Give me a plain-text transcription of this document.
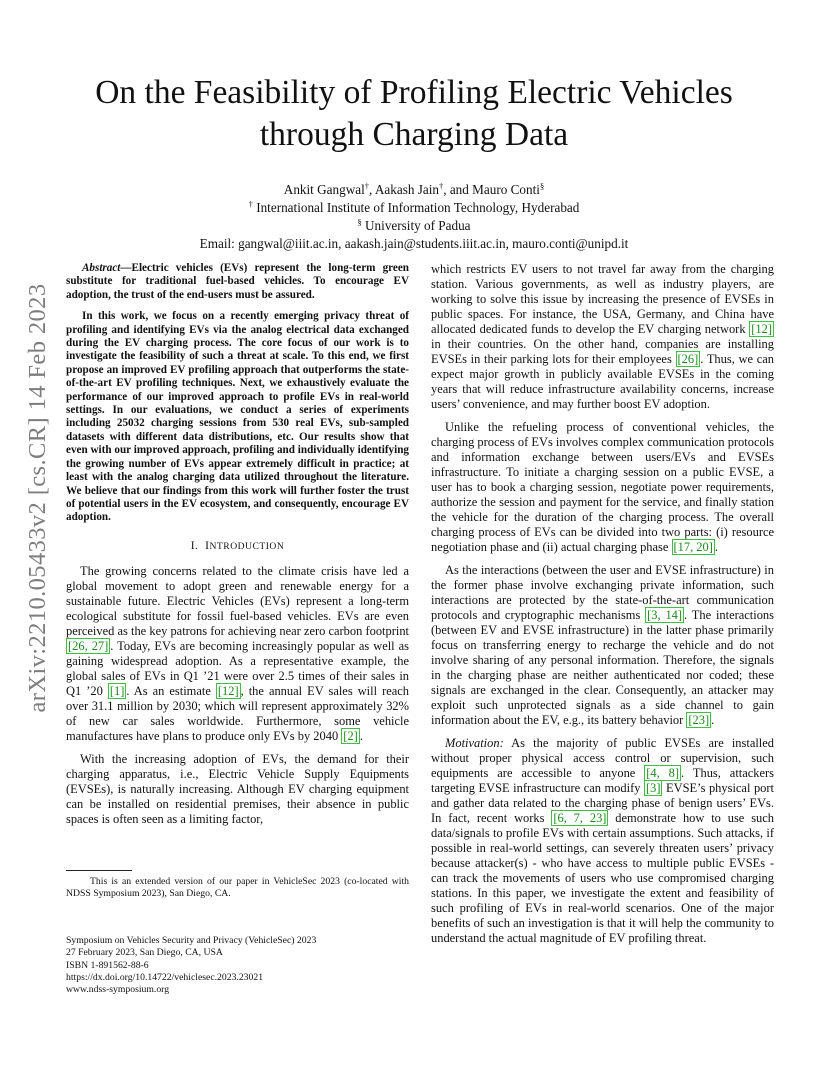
arXiv:2210.05433v2 [cs.CR] 14 Feb 2023
On the Feasibility of Profiling Electric Vehicles
through Charging Data
Ankit Gangwal†, Aakash Jain†, and Mauro Conti§
† International Institute of Information Technology, Hyderabad
§ University of Padua
Email: gangwal@iiit.ac.in, aakash.jain@students.iiit.ac.in, mauro.conti@unipd.it

Abstract—Electric vehicles (EVs) represent the long-term green substitute for traditional fuel-based vehicles. To encourage EV adoption, the trust of the end-users must be assured.

In this work, we focus on a recently emerging privacy threat of profiling and identifying EVs via the analog electrical data exchanged during the EV charging process. The core focus of our work is to investigate the feasibility of such a threat at scale. To this end, we first propose an improved EV profiling approach that outperforms the state-of-the-art EV profiling techniques. Next, we exhaustively evaluate the performance of our improved approach to profile EVs in real-world settings. In our evaluations, we conduct a series of experiments including 25032 charging sessions from 530 real EVs, sub-sampled datasets with different data distributions, etc. Our results show that even with our improved approach, profiling and individually identifying the growing number of EVs appear extremely difficult in practice; at least with the analog charging data utilized throughout the literature. We believe that our findings from this work will further foster the trust of potential users in the EV ecosystem, and consequently, encourage EV adoption.

I. INTRODUCTION

The growing concerns related to the climate crisis have led a global movement to adopt green and renewable energy for a sustainable future. Electric Vehicles (EVs) represent a long-term ecological substitute for fossil fuel-based vehicles. EVs are even perceived as the key patrons for achieving near zero carbon footprint [26, 27] . Today, EVs are becoming increasingly popular as well as gaining widespread adoption. As a representative example, the global sales of EVs in Q1 ’21 were over 2.5 times of their sales in Q1 ’20 [1] . As an estimate [12] , the annual EV sales will reach over 31.1 million by 2030; which will represent approximately 32% of new car sales worldwide. Furthermore, some vehicle manufactures have plans to produce only EVs by 2040 [2] .

With the increasing adoption of EVs, the demand for their charging apparatus, i.e., Electric Vehicle Supply Equipments (EVSEs), is naturally increasing. Although EV charging equipment can be installed on residential premises, their absence in public spaces is often seen as a limiting factor,

This is an extended version of our paper in VehicleSec 2023 (co-located with NDSS Symposium 2023), San Diego, CA.
Symposium on Vehicles Security and Privacy (VehicleSec) 2023
27 February 2023, San Diego, CA, USA
ISBN 1-891562-88-6
https://dx.doi.org/10.14722/vehiclesec.2023.23021
www.ndss-symposium.org

which restricts EV users to not travel far away from the charging station. Various governments, as well as industry players, are working to solve this issue by increasing the presence of EVSEs in public spaces. For instance, the USA, Germany, and China have allocated dedicated funds to develop the EV charging network [12] in their countries. On the other hand, companies are installing EVSEs in their parking lots for their employees [26] . Thus, we can expect major growth in publicly available EVSEs in the coming years that will reduce infrastructure availability concerns, increase users’ convenience, and may further boost EV adoption.

Unlike the refueling process of conventional vehicles, the charging process of EVs involves complex communication protocols and information exchange between users/EVs and EVSEs infrastructure. To initiate a charging session on a public EVSE, a user has to book a charging session, negotiate power requirements, authorize the session and payment for the service, and finally station the vehicle for the duration of the charging process. The overall charging process of EVs can be divided into two parts: (i) resource negotiation phase and (ii) actual charging phase [17, 20] .

As the interactions (between the user and EVSE infrastructure) in the former phase involve exchanging private information, such interactions are protected by the state-of-the-art communication protocols and cryptographic mechanisms [3, 14] . The interactions (between EV and EVSE infrastructure) in the latter phase primarily focus on transferring energy to recharge the vehicle and do not involve sharing of any personal information. Therefore, the signals in the charging phase are neither authenticated nor coded; these signals are exchanged in the clear. Consequently, an attacker may exploit such unprotected signals as a side channel to gain information about the EV, e.g., its battery behavior [23] .

Motivation: As the majority of public EVSEs are installed without proper physical access control or supervision, such equipments are accessible to anyone [4, 8] . Thus, attackers targeting EVSE infrastructure can modify [3] EVSE’s physical port and gather data related to the charging phase of benign users’ EVs. In fact, recent works [6, 7, 23] demonstrate how to use such data/signals to profile EVs with certain assumptions. Such attacks, if possible in real-world settings, can severely threaten users’ privacy because attacker(s) - who have access to multiple public EVSEs - can track the movements of users who use compromised charging stations. In this paper, we investigate the extent and feasibility of such profiling of EVs in real-world scenarios. One of the major benefits of such an investigation is that it will help the community to understand the actual magnitude of EV profiling threat.
